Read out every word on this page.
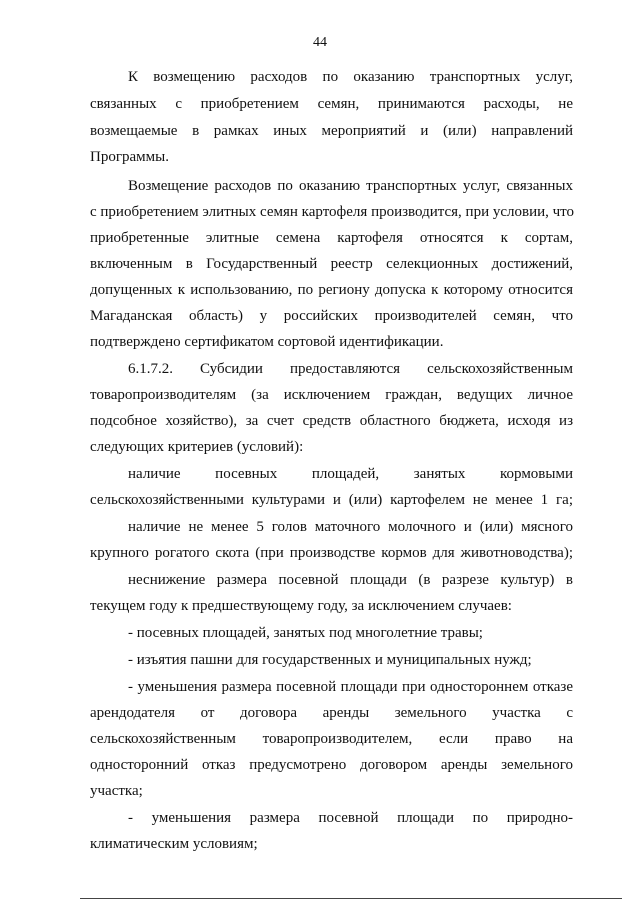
44
К возмещению расходов по оказанию транспортных услуг,
связанных с приобретением семян, принимаются расходы, не
возмещаемые в рамках иных мероприятий и (или) направлений
Программы.
Возмещение расходов по оказанию транспортных услуг, связанных
с приобретением элитных семян картофеля производится, при условии, что
приобретенные элитные семена картофеля относятся к сортам,
включенным в Государственный реестр селекционных достижений,
допущенных к использованию, по региону допуска к которому относится
Магаданская область) у российских производителей семян, что
подтверждено сертификатом сортовой идентификации.
6.1.7.2. Субсидии предоставляются сельскохозяйственным
товаропроизводителям (за исключением граждан, ведущих личное
подсобное хозяйство), за счет средств областного бюджета, исходя из
следующих критериев (условий):
наличие посевных площадей, занятых кормовыми
сельскохозяйственными культурами и (или) картофелем не менее 1 га;
наличие не менее 5 голов маточного молочного и (или) мясного
крупного рогатого скота (при производстве кормов для животноводства);
неснижение размера посевной площади (в разрезе культур) в
текущем году к предшествующему году, за исключением случаев:
- посевных площадей, занятых под многолетние травы;
- изъятия пашни для государственных и муниципальных нужд;
- уменьшения размера посевной площади при одностороннем отказе
арендодателя от договора аренды земельного участка с
сельскохозяйственным товаропроизводителем, если право на
односторонний отказ предусмотрено договором аренды земельного
участка;
- уменьшения размера посевной площади по природно-
климатическим условиям;
